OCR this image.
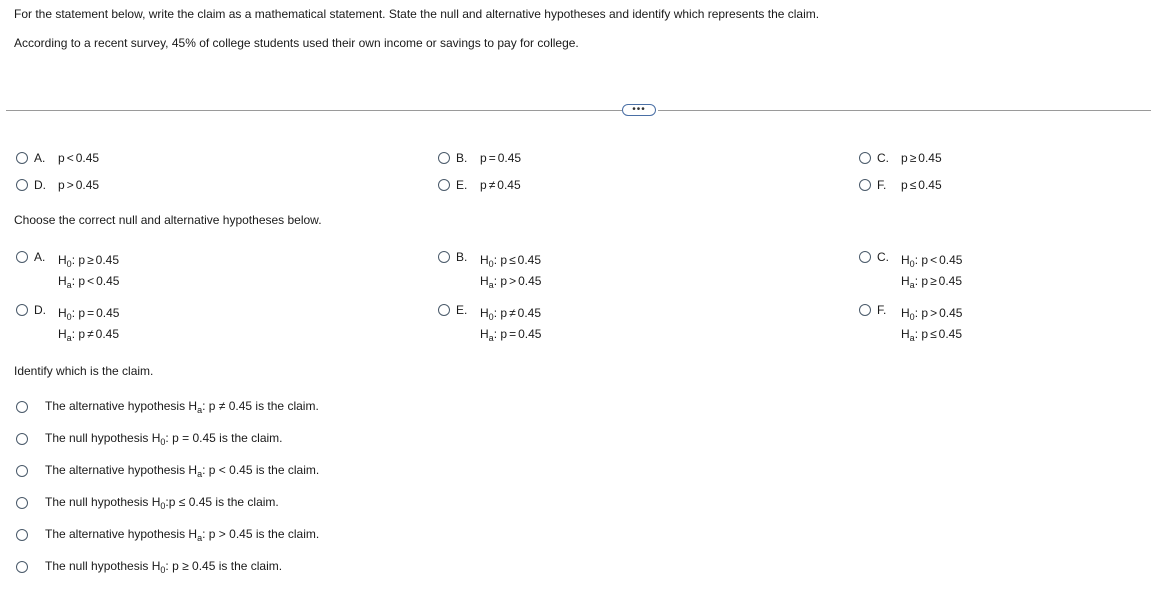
For the statement below, write the claim as a mathematical statement. State the null and alternative hypotheses and identify which represents the claim.
According to a recent survey, 45% of college students used their own income or savings to pay for college.
•••
A.	p < 0.45	B.	p = 0.45	C.	p ≥ 0.45
D.	p > 0.45	E.	p ≠ 0.45	F.	p ≤ 0.45
Choose the correct null and alternative hypotheses below.
A.	$H_0$: p ≥ 0.45
$H_a$: p < 0.45
B.	$H_0$: p ≤ 0.45
$H_a$: p > 0.45
C.	$H_0$: p < 0.45
$H_a$: p ≥ 0.45
D.	$H_0$: p = 0.45
$H_a$: p ≠ 0.45
E.	$H_0$: p ≠ 0.45
$H_a$: p = 0.45
F.	$H_0$: p > 0.45
$H_a$: p ≤ 0.45
Identify which is the claim.
The alternative hypothesis $H_a$: p ≠ 0.45 is the claim.
The null hypothesis $H_0$: p = 0.45 is the claim.
The alternative hypothesis $H_a$: p < 0.45 is the claim.
The null hypothesis $H_0:p \le 0.45$ is the claim.
The alternative hypothesis $H_a$: p > 0.45 is the claim.
The null hypothesis $H_0$: p ≥ 0.45 is the claim.
